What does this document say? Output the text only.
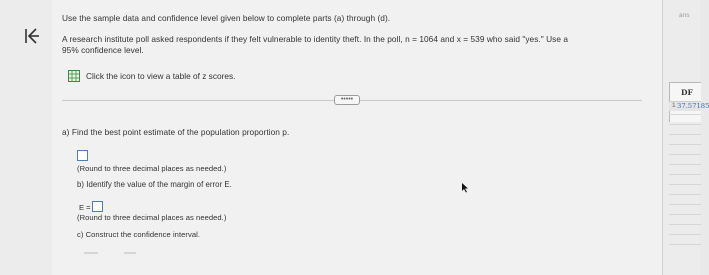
Use the sample data and confidence level given below to complete parts (a) through (d).
A research institute poll asked respondents if they felt vulnerable to identity theft. In the poll, n = 1064 and x = 539 who said "yes." Use a
95% confidence level.
Click the icon to view a table of z scores.
•••••
a) Find the best point estimate of the population proportion p.
(Round to three decimal places as needed.)
b) Identify the value of the margin of error E.
E =
(Round to three decimal places as needed.)
c) Construct the confidence interval.
ans
DF
1 37.57185
